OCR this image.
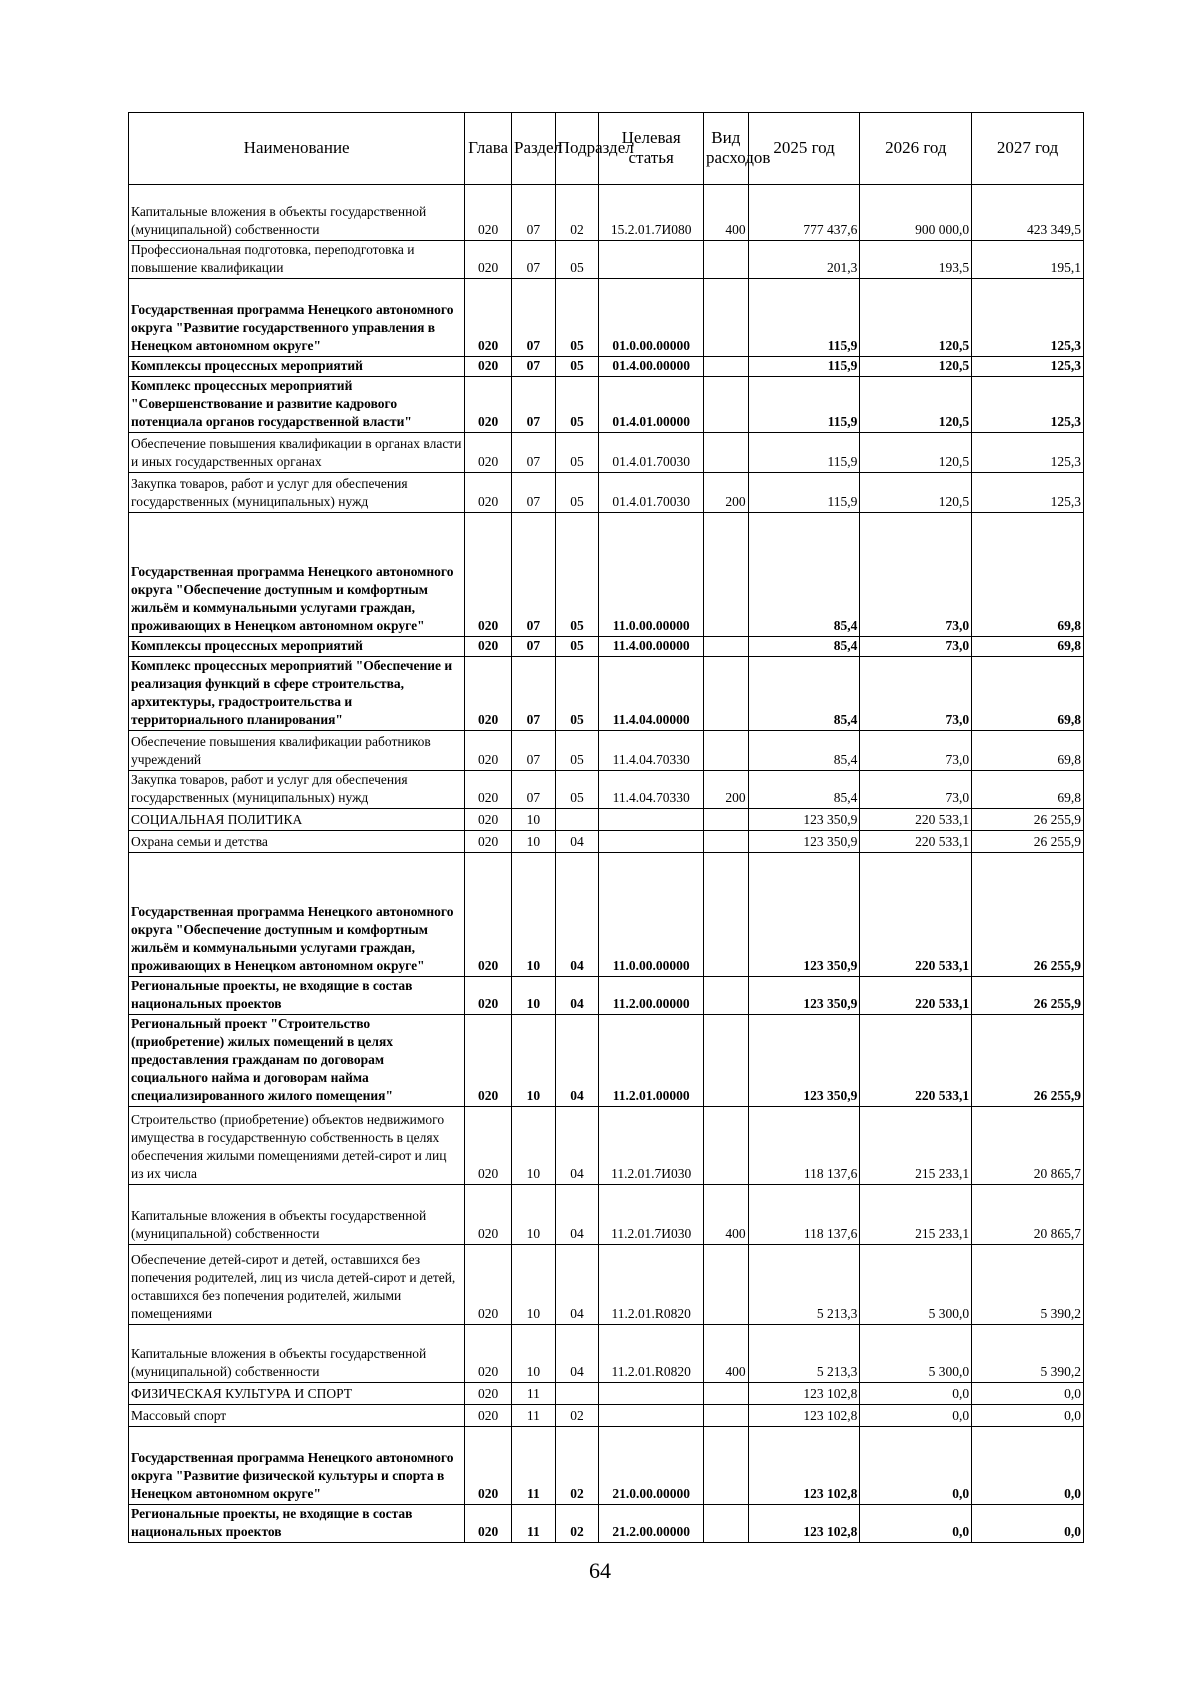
Наименование	Глава	Раздел	Подраздел	Целевая статья	Вид расходов	2025 год	2026 год	2027 год
Капитальные вложения в объекты государственной (муниципальной) собственности	020	07	02	15.2.01.7И080	400	777 437,6	900 000,0	423 349,5
Профессиональная подготовка, переподготовка и повышение квалификации	020	07	05			201,3	193,5	195,1
Государственная программа Ненецкого автономного округа "Развитие государственного управления в Ненецком автономном округе"	020	07	05	01.0.00.00000		115,9	120,5	125,3
Комплексы процессных мероприятий	020	07	05	01.4.00.00000		115,9	120,5	125,3
Комплекс процессных мероприятий "Совершенствование и развитие кадрового потенциала органов государственной власти"	020	07	05	01.4.01.00000		115,9	120,5	125,3
Обеспечение повышения квалификации в органах власти и иных государственных органах	020	07	05	01.4.01.70030		115,9	120,5	125,3
Закупка товаров, работ и услуг для обеспечения государственных (муниципальных) нужд	020	07	05	01.4.01.70030	200	115,9	120,5	125,3
Государственная программа Ненецкого автономного округа "Обеспечение доступным и комфортным жильём и коммунальными услугами граждан, проживающих в Ненецком автономном округе"	020	07	05	11.0.00.00000		85,4	73,0	69,8
Комплексы процессных мероприятий	020	07	05	11.4.00.00000		85,4	73,0	69,8
Комплекс процессных мероприятий "Обеспечение и реализация функций в сфере строительства, архитектуры, градостроительства и территориального планирования"	020	07	05	11.4.04.00000		85,4	73,0	69,8
Обеспечение повышения квалификации работников учреждений	020	07	05	11.4.04.70330		85,4	73,0	69,8
Закупка товаров, работ и услуг для обеспечения государственных (муниципальных) нужд	020	07	05	11.4.04.70330	200	85,4	73,0	69,8
СОЦИАЛЬНАЯ ПОЛИТИКА	020	10				123 350,9	220 533,1	26 255,9
Охрана семьи и детства	020	10	04			123 350,9	220 533,1	26 255,9
Государственная программа Ненецкого автономного округа "Обеспечение доступным и комфортным жильём и коммунальными услугами граждан, проживающих в Ненецком автономном округе"	020	10	04	11.0.00.00000		123 350,9	220 533,1	26 255,9
Региональные проекты, не входящие в состав национальных проектов	020	10	04	11.2.00.00000		123 350,9	220 533,1	26 255,9
Региональный проект "Строительство (приобретение) жилых помещений в целях предоставления гражданам по договорам социального найма и договорам найма специализированного жилого помещения"	020	10	04	11.2.01.00000		123 350,9	220 533,1	26 255,9
Строительство (приобретение) объектов недвижимого имущества в государственную собственность в целях обеспечения жилыми помещениями детей-сирот и лиц из их числа	020	10	04	11.2.01.7И030		118 137,6	215 233,1	20 865,7
Капитальные вложения в объекты государственной (муниципальной) собственности	020	10	04	11.2.01.7И030	400	118 137,6	215 233,1	20 865,7
Обеспечение детей-сирот и детей, оставшихся без попечения родителей, лиц из числа детей-сирот и детей, оставшихся без попечения родителей, жилыми помещениями	020	10	04	11.2.01.R0820		5 213,3	5 300,0	5 390,2
Капитальные вложения в объекты государственной (муниципальной) собственности	020	10	04	11.2.01.R0820	400	5 213,3	5 300,0	5 390,2
ФИЗИЧЕСКАЯ КУЛЬТУРА И СПОРТ	020	11				123 102,8	0,0	0,0
Массовый спорт	020	11	02			123 102,8	0,0	0,0
Государственная программа Ненецкого автономного округа "Развитие физической культуры и спорта в Ненецком автономном округе"	020	11	02	21.0.00.00000		123 102,8	0,0	0,0
Региональные проекты, не входящие в состав национальных проектов	020	11	02	21.2.00.00000		123 102,8	0,0	0,0
64
